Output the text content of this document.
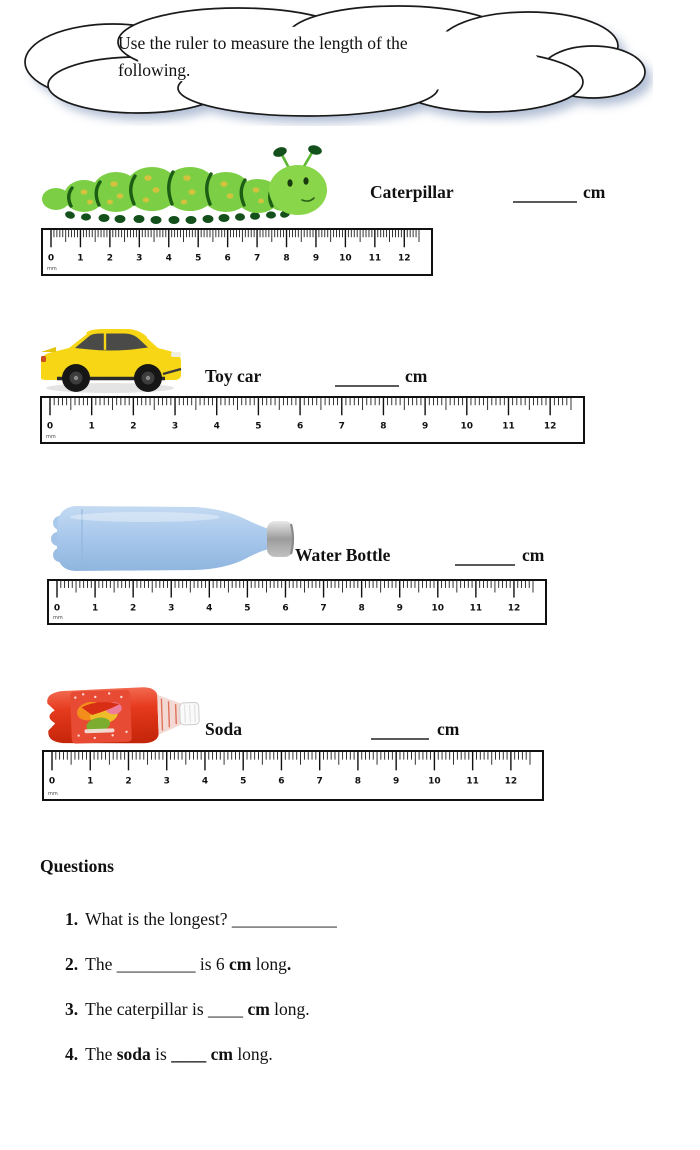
Use the ruler to measure the length of the
following.
Caterpillar	cm
0	1	2	3	4	5	6	7	8	9 10 11 12
mm
Toy car	cm
0	1	2	3	4	5	6	7	8	9	10	11	12
mm
Water Bottle	cm
0	1	2	3	4	5	6	7	8	9	10	11	12
mm
Soda	cm
0	1	2	3	4	5	6	7	8	9	10	11	12
mm

Questions

1. What is the longest? ____________
2. The _________ is 6 cm long.
3. The caterpillar is ____ cm long.
4. The soda is ____ cm long.
